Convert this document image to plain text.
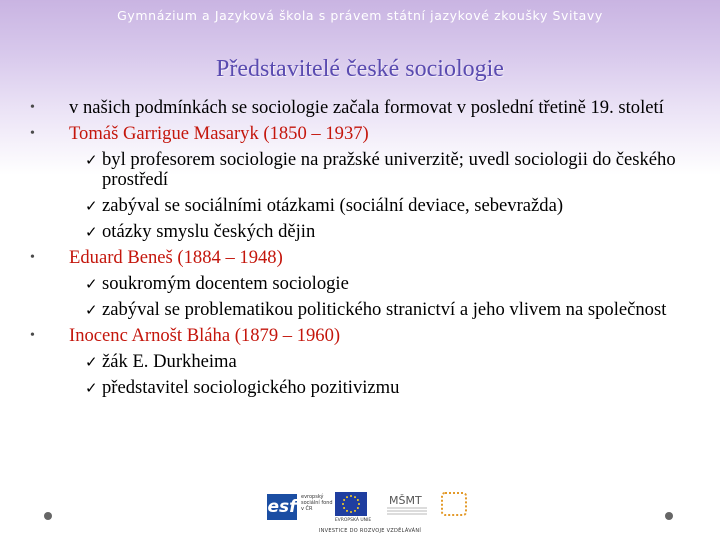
Gymnázium a Jazyková škola s právem státní jazykové zkoušky Svitavy
Představitelé české sociologie
•	v našich podmínkách se sociologie začala formovat v poslední třetině 19. století
•	Tomáš Garrigue Masaryk (1850 – 1937)
✓ byl profesorem sociologie na pražské univerzitě; uvedl sociologii do českého prostředí
✓ zabýval se sociálními otázkami (sociální deviace, sebevražda)
✓ otázky smyslu českých dějin
•	Eduard Beneš (1884 – 1948)
✓ soukromým docentem sociologie
✓ zabýval se problematikou politického stranictví a jeho vlivem na společnost
•	Inocenc Arnošt Bláha (1879 – 1960)
✓ žák E. Durkheima
✓ představitel sociologického pozitivizmu
esf evropský sociální fond v ČR
EVROPSKÁ UNIE
MŠMT
INVESTICE DO ROZVOJE VZDĚLÁVÁNÍ
